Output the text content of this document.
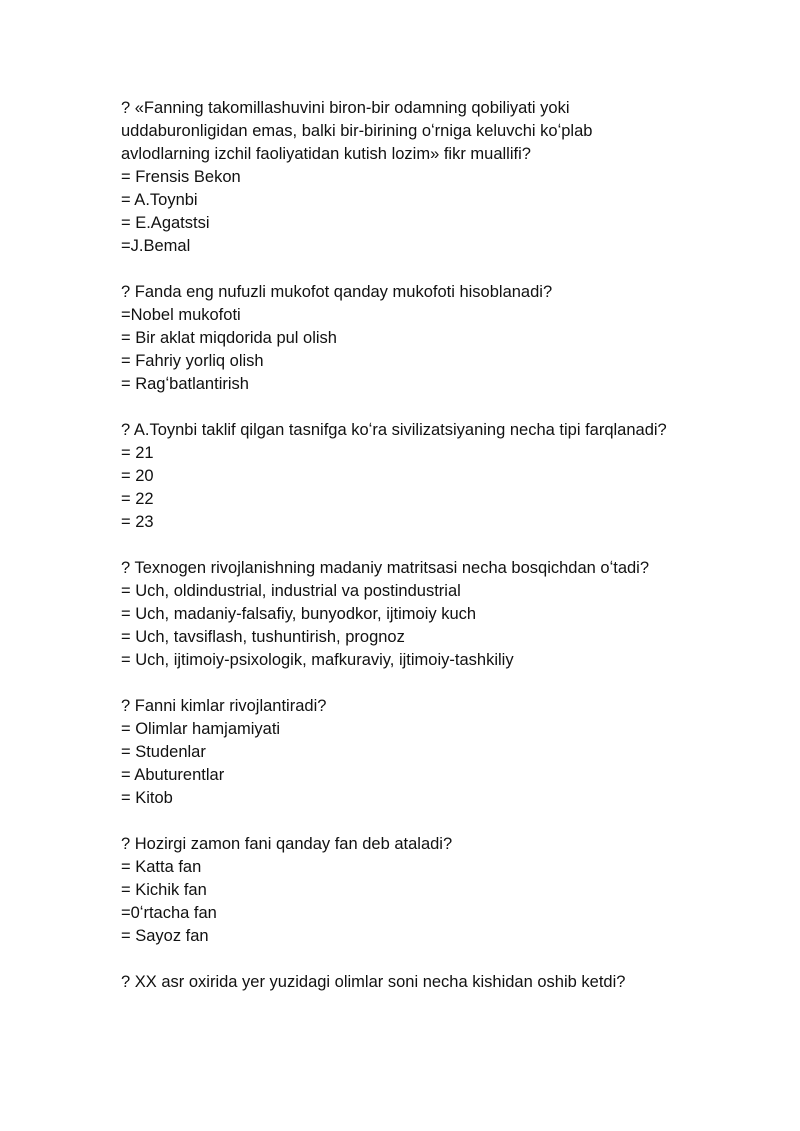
? «Fanning takomillashuvini biron-bir odamning qobiliyati yoki uddaburonligidan emas, balki bir-birining oʻrniga keluvchi koʻplab avlodlarning izchil faoliyatidan kutish lozim» fikr muallifi?
= Frensis Bekon
= A.Toynbi
= E.Agatstsi
=J.Bemal
? Fanda eng nufuzli mukofot qanday mukofoti hisoblanadi?
=Nobel mukofoti
= Bir aklat miqdorida pul olish
= Fahriy yorliq olish
= Ragʻbatlantirish
? A.Toynbi taklif qilgan tasnifga koʻra sivilizatsiyaning necha tipi farqlanadi?
= 21
= 20
= 22
= 23
? Texnogen rivojlanishning madaniy matritsasi necha bosqichdan oʻtadi?
= Uch, oldindustrial, industrial va postindustrial
= Uch, madaniy-falsafiy, bunyodkor, ijtimoiy kuch
= Uch, tavsiflash, tushuntirish, prognoz
= Uch, ijtimoiy-psixologik, mafkuraviy, ijtimoiy-tashkiliy
? Fanni kimlar rivojlantiradi?
= Olimlar hamjamiyati
= Studenlar
= Abuturentlar
= Kitob
? Hozirgi zamon fani qanday fan deb ataladi?
= Katta fan
= Kichik fan
=0ʻrtacha fan
= Sayoz fan
? XX asr oxirida yer yuzidagi olimlar soni necha kishidan oshib ketdi?
